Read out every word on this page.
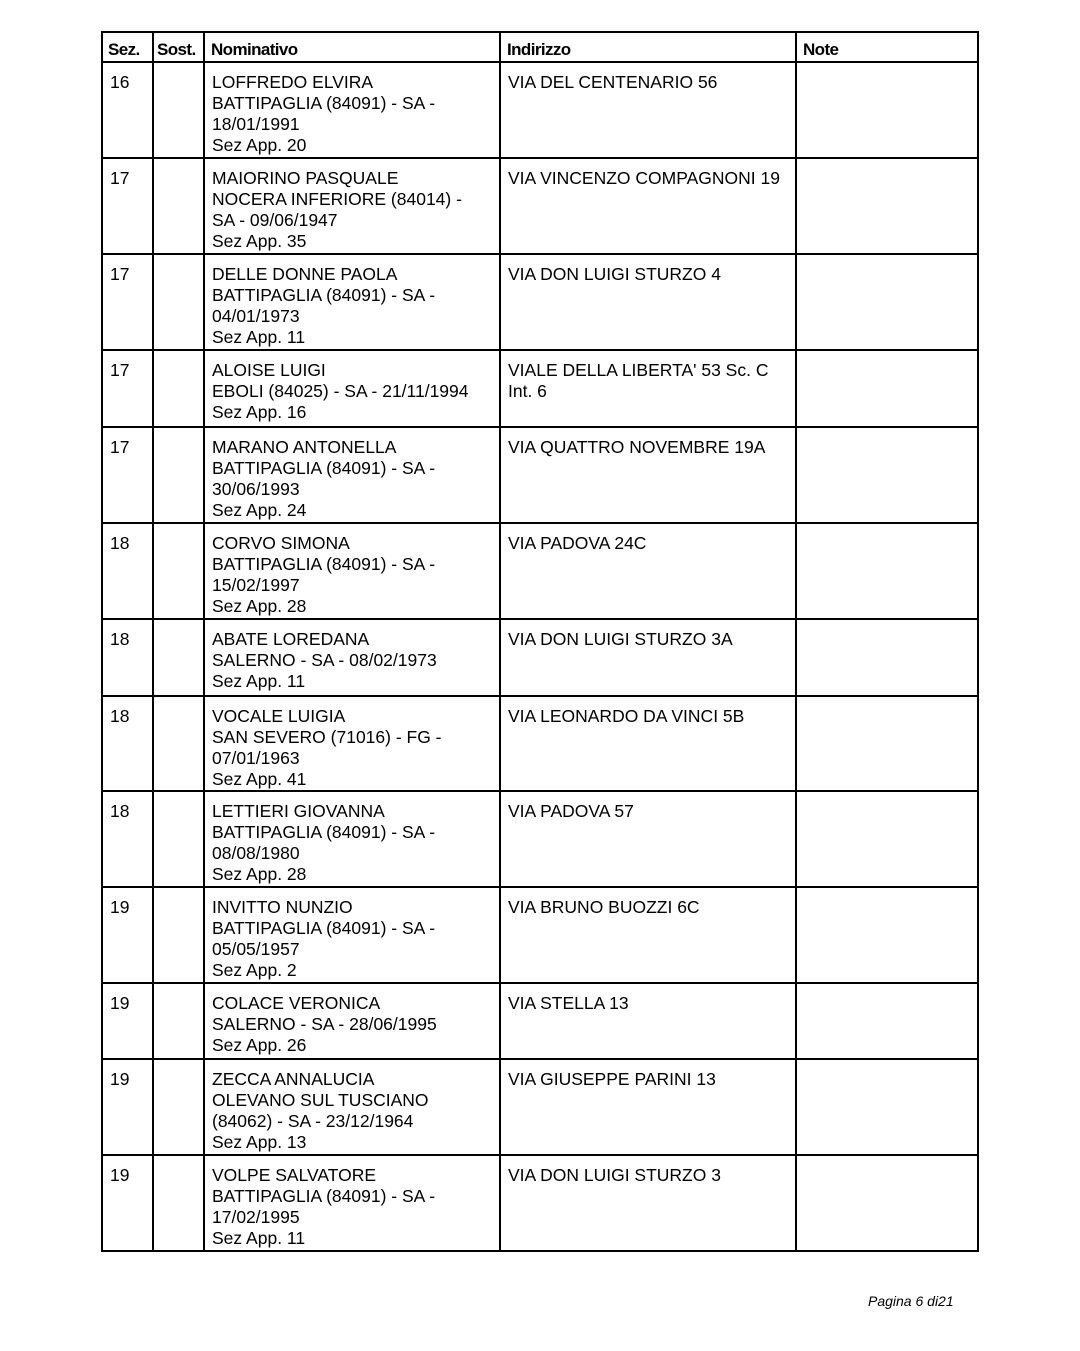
Sez.	Sost.	Nominativo	Indirizzo	Note
16		LOFFREDO ELVIRA
BATTIPAGLIA (84091) - SA -
18/01/1991
Sez App. 20	VIA DEL CENTENARIO 56	

17		MAIORINO PASQUALE
NOCERA INFERIORE (84014) -
SA - 09/06/1947
Sez App. 35	VIA VINCENZO COMPAGNONI 19	

17		DELLE DONNE PAOLA
BATTIPAGLIA (84091) - SA -
04/01/1973
Sez App. 11	VIA DON LUIGI STURZO 4	

17		ALOISE LUIGI
EBOLI (84025) - SA - 21/11/1994
Sez App. 16	VIALE DELLA LIBERTA' 53 Sc. C Int. 6	

17		MARANO ANTONELLA
BATTIPAGLIA (84091) - SA -
30/06/1993
Sez App. 24	VIA QUATTRO NOVEMBRE 19A	

18		CORVO SIMONA
BATTIPAGLIA (84091) - SA -
15/02/1997
Sez App. 28	VIA PADOVA 24C	

18		ABATE LOREDANA
SALERNO - SA - 08/02/1973
Sez App. 11	VIA DON LUIGI STURZO 3A	

18		VOCALE LUIGIA
SAN SEVERO (71016) - FG -
07/01/1963
Sez App. 41	VIA LEONARDO DA VINCI 5B	

18		LETTIERI GIOVANNA
BATTIPAGLIA (84091) - SA -
08/08/1980
Sez App. 28	VIA PADOVA 57	

19		INVITTO NUNZIO
BATTIPAGLIA (84091) - SA -
05/05/1957
Sez App. 2	VIA BRUNO BUOZZI 6C	

19		COLACE VERONICA
SALERNO - SA - 28/06/1995
Sez App. 26	VIA STELLA 13	

19		ZECCA ANNALUCIA
OLEVANO SUL TUSCIANO
(84062) - SA - 23/12/1964
Sez App. 13	VIA GIUSEPPE PARINI 13	

19		VOLPE SALVATORE
BATTIPAGLIA (84091) - SA -
17/02/1995
Sez App. 11	VIA DON LUIGI STURZO 3	

Pagina 6 di21
